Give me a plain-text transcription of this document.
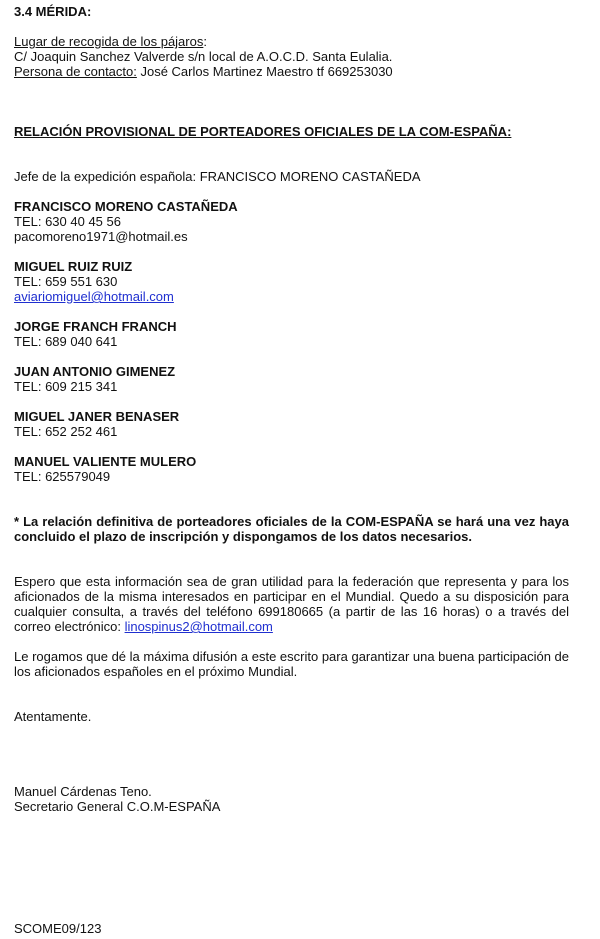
3.4 MÉRIDA:
Lugar de recogida de los pájaros:
C/ Joaquin Sanchez Valverde s/n local de A.O.C.D. Santa Eulalia.
Persona de contacto: José Carlos Martinez Maestro tf 669253030
RELACIÓN PROVISIONAL DE PORTEADORES OFICIALES DE LA COM-ESPAÑA:
Jefe de la expedición española: FRANCISCO MORENO CASTAÑEDA
FRANCISCO MORENO CASTAÑEDA
TEL: 630 40 45 56
pacomoreno1971@hotmail.es
MIGUEL RUIZ RUIZ
TEL: 659 551 630
aviariomiguel@hotmail.com
JORGE FRANCH FRANCH
TEL: 689 040 641
JUAN ANTONIO GIMENEZ
TEL: 609 215 341
MIGUEL JANER BENASER
TEL: 652 252 461
MANUEL VALIENTE MULERO
TEL: 625579049
* La relación definitiva de porteadores oficiales de la COM-ESPAÑA se hará una vez haya concluido el plazo de inscripción y dispongamos de los datos necesarios.
Espero que esta información sea de gran utilidad para la federación que representa y para los aficionados de la misma interesados en participar en el Mundial. Quedo a su disposición para cualquier consulta, a través del teléfono 699180665 (a partir de las 16 horas) o a través del correo electrónico: linospinus2@hotmail.com
Le rogamos que dé la máxima difusión a este escrito para garantizar una buena participación de los aficionados españoles en el próximo Mundial.
Atentamente.
Manuel Cárdenas Teno.
Secretario General C.O.M-ESPAÑA
SCOME09/123
